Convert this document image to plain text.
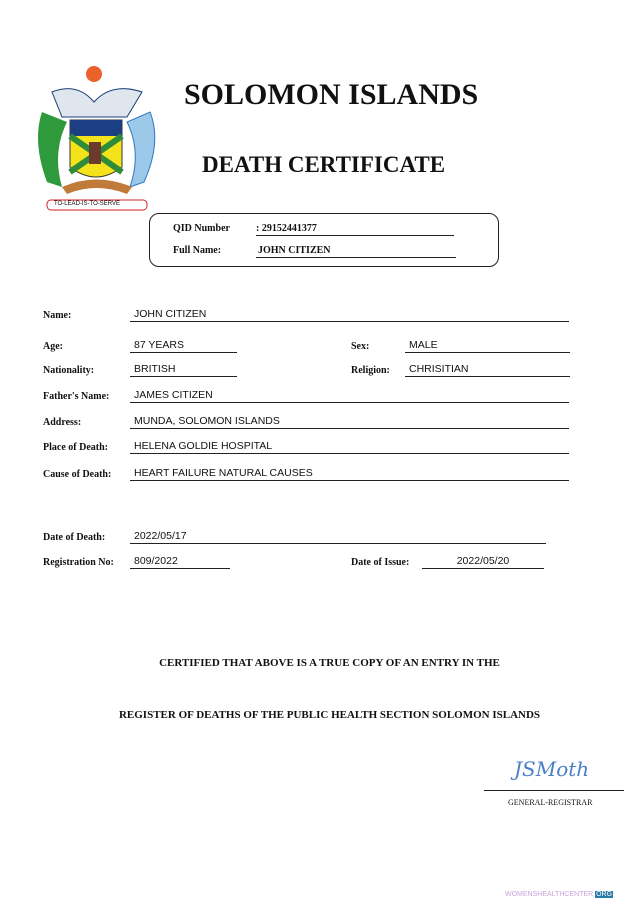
TO-LEAD-IS-TO-SERVE
SOLOMON ISLANDS
DEATH CERTIFICATE
QID Number	: 29152441377
Full Name:	JOHN CITIZEN
Name:	JOHN CITIZEN
Age:	87 YEARS	Sex:	MALE
Nationality:	BRITISH	Religion:	CHRISITIAN
Father's Name:	JAMES CITIZEN
Address:	MUNDA, SOLOMON ISLANDS
Place of Death:	HELENA GOLDIE HOSPITAL
Cause of Death:	HEART FAILURE NATURAL CAUSES
Date of Death:	2022/05/17
Registration No:	809/2022	Date of Issue:	2022/05/20
CERTIFIED THAT ABOVE IS A TRUE COPY OF AN ENTRY IN THE
REGISTER OF DEATHS OF THE PUBLIC HEALTH SECTION SOLOMON ISLANDS
JSMoth
GENERAL-REGISTRAR
WOMENSHEALTHCENTER ORG
